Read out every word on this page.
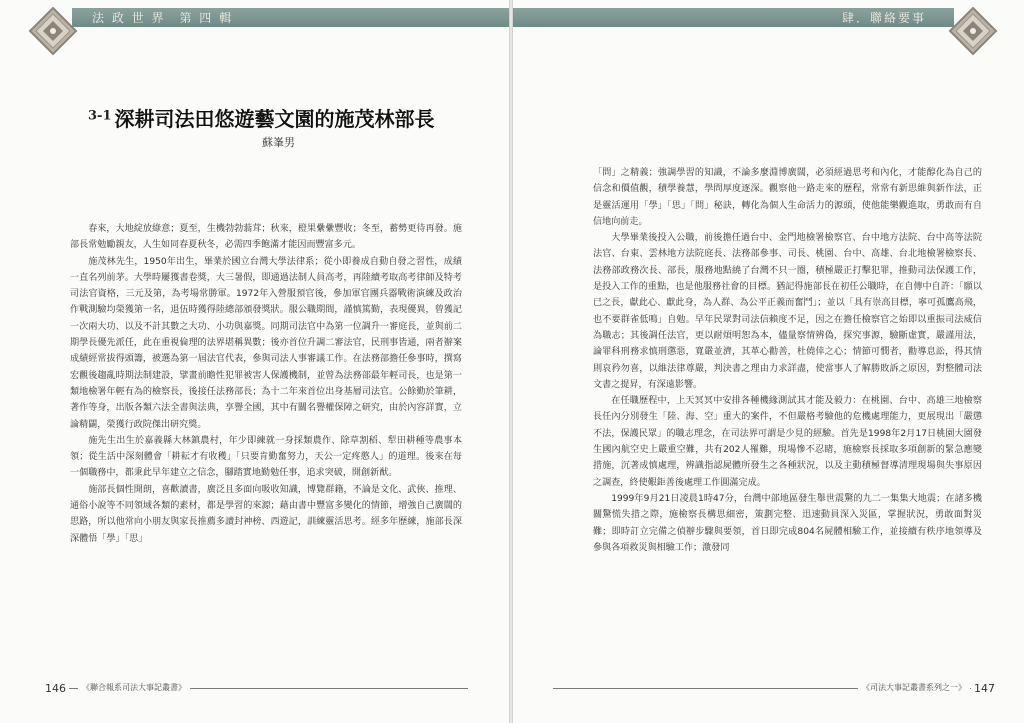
法 政 世 界　第 四 輯
$^{3-1}$ 深耕司法田悠遊藝文園的施茂林部長
蘇峯男

春來，大地綻放綠意；夏至，生機勃勃蓊茸；秋來，橙果纍纍豐收；冬至，蓄勢更待再發。施部長常勉勵親友，人生如同春夏秋冬，必需四季飽滿才能因而豐富多元。

施茂林先生，1950年出生，畢業於國立台灣大學法律系；從小即養成自動自發之習性，成績一直名列前茅。大學時屢獲書卷獎，大三暑假，即通過法制人員高考，再陸續考取高考律師及特考司法官資格，三元及第，為考場常勝軍。1972年入營服預官後，參加軍官團兵器戰術演練及政治作戰測驗均榮獲第一名，退伍時獲得陸總部頒發獎狀。服公職期間，謹慎篤勤，表現優異，曾獲記一次兩大功、以及不計其數之大功、小功與嘉獎。同期司法官中為第一位調升一審庭長，並與前二期學長優先派任，此在重視倫理的法界堪稱異數；後亦首位升調二審法官，民刑事皆通，兩者辦案成績經常拔得頭籌，被選為第一屆法官代表，參與司法人事審議工作。在法務部擔任參事時，撰寫宏觀後趨亂時期法制建設，擘畫前瞻性犯罪被害人保護機制，並曾為法務部最年輕司長，也是第一類地檢署年輕有為的檢察長，後接任法務部長；為十二年來首位出身基層司法官。公餘勤於筆耕，著作等身，出版各類六法全書與法典，享譽全國，其中有關名譽權保障之研究，由於內容詳實，立論精闢，榮獲行政院傑出研究獎。

施先生出生於嘉義縣大林鎮農村，年少即練就一身採類農作、除草割稻、犁田耕種等農事本領；從生活中深刻體會「耕耘才有收穫」「只要肯勤奮努力，天公一定疼憨人」的道理。後來在每一個職務中，都秉此早年建立之信念，腳踏實地勤勉任事，追求突破，開創新猷。

施部長個性開朗，喜歡讀書，廣泛且多面向吸收知識，博覽群籍，不論是文化、武俠、推理、通俗小說等不同領域各類的素材，都是學習的來源；藉由書中豐富多變化的情節，增強自己廣闊的思路，所以他常向小朋友與家長推薦多讀封神榜、西遊記，訓練靈活思考。經多年歷練，施部長深深體悟「學」「思」

146	《聯合報系司法大事記叢書》
肆．聯絡要事

「問」之精義；強調學習的知識，不論多麼淵博廣闊，必須經過思考和內化，才能醇化為自己的信念和價值觀，積學養慧，學問厚度逐深。觀察他一路走來的歷程，常常有新思維與新作法，正是靈活運用「學」「思」「問」秘訣，轉化為個人生命活力的源頭，使他能樂觀進取，勇敢而有自信地向前走。

大學畢業後投入公職，前後擔任過台中、金門地檢署檢察官、台中地方法院、台中高等法院法官、台東、雲林地方法院庭長、法務部參事、司長、桃園、台中、高雄、台北地檢署檢察長、法務部政務次長、部長，服務地點繞了台灣不只一圈，積極嚴正打擊犯罪，推動司法保護工作，是投入工作的重點，也是他服務社會的目標。猶記得施部長在初任公職時，在自傳中自許：「願以已之長，獻此心、獻此身，為人群、為公平正義而奮鬥」；並以「具有崇高目標，寧可孤鷹高飛，也不要群雀低鳴」自勉。早年民眾對司法信賴度不足，因之在擔任檢察官之始即以重振司法威信為職志；其後調任法官，更以耐煩明恕為本，儘量察情辨偽，探究事源，驗斷虛實，嚴謹用法，論罪科刑務求慎刑懲惡，寬嚴並濟，其革心勸善，杜僥倖之心；情節可憫者，勸導息訟，得其情則哀矜勿喜，以維法律尊嚴，判決書之理由力求詳盡，使當事人了解勝敗訴之原因，對整體司法文書之提昇，有深遠影響。

在任職歷程中，上天冥冥中安排各種機緣測試其才能及毅力：在桃園、台中、高雄三地檢察長任內分別發生「陸、海、空」重大的案件，不但嚴格考驗他的危機處理能力，更展現出「嚴懲不法，保護民眾」的職志理念，在司法界可謂是少見的經驗。首先是1998年2月17日桃園大園發生國內航空史上嚴重空難，共有202人罹難，現場慘不忍睹，施檢察長採取多項創新的緊急應變措施，沉著成慎處理，辨識指認屍體所發生之各種狀況，以及主動積極督導清理現場與失事原因之調查，終使艱鉅善後處理工作圓滿完成。

1999年9月21日凌晨1時47分，台灣中部地區發生舉世震驚的九二一集集大地震；在諸多機關驚慌失措之際，施檢察長構思細密，策劃完整、迅速動員深入災區，掌握狀況，勇敢面對災難；即時訂立完備之偵辦步驟與要領，首日即完成804名屍體相驗工作，並接續有秩序地領導及參與各項救災與相驗工作；激發同

《司法大事記叢書系列之一》 147
